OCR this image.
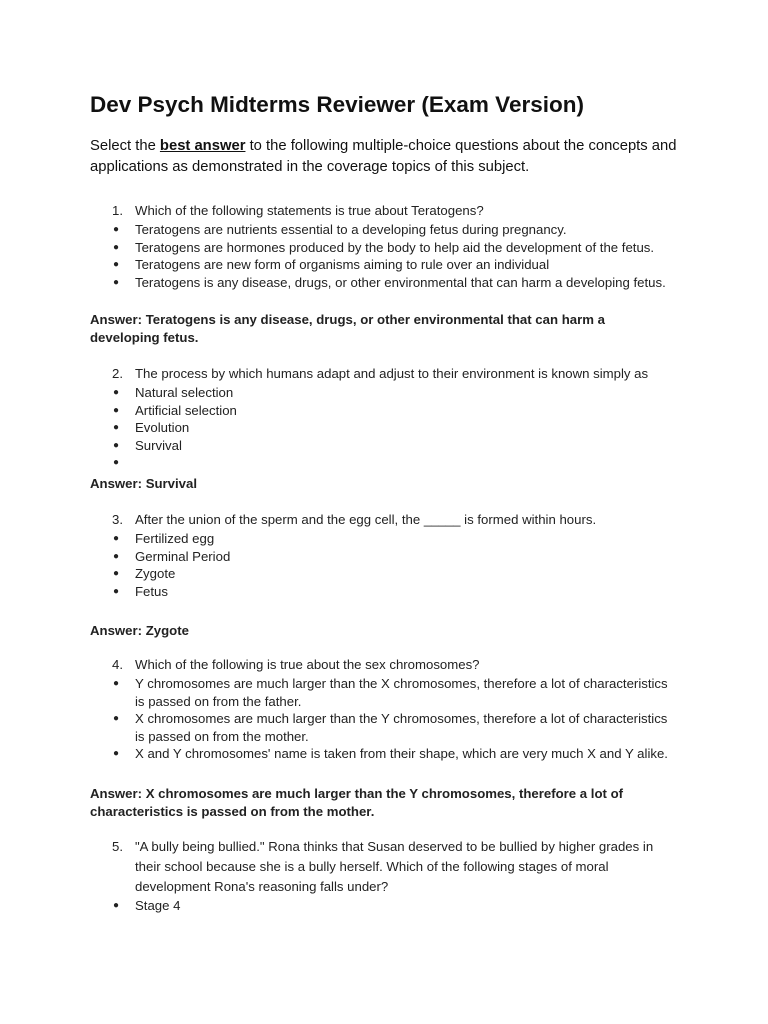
Dev Psych Midterms Reviewer (Exam Version)

Select the best answer to the following multiple-choice questions about the concepts and applications as demonstrated in the coverage topics of this subject.

1. Which of the following statements is true about Teratogens?
● Teratogens are nutrients essential to a developing fetus during pregnancy.
● Teratogens are hormones produced by the body to help aid the development of the fetus.
● Teratogens are new form of organisms aiming to rule over an individual
● Teratogens is any disease, drugs, or other environmental that can harm a developing fetus.
Answer: Teratogens is any disease, drugs, or other environmental that can harm a developing fetus.
2. The process by which humans adapt and adjust to their environment is known simply as
● Natural selection
● Artificial selection
● Evolution
● Survival
●

Answer: Survival
3. After the union of the sperm and the egg cell, the _____ is formed within hours.
● Fertilized egg
● Germinal Period
● Zygote
● Fetus
Answer: Zygote
4. Which of the following is true about the sex chromosomes?
● Y chromosomes are much larger than the X chromosomes, therefore a lot of characteristics is passed on from the father.
● X chromosomes are much larger than the Y chromosomes, therefore a lot of characteristics is passed on from the mother.
● X and Y chromosomes' name is taken from their shape, which are very much X and Y alike.
Answer: X chromosomes are much larger than the Y chromosomes, therefore a lot of characteristics is passed on from the mother.
5. "A bully being bullied." Rona thinks that Susan deserved to be bullied by higher grades in their school because she is a bully herself. Which of the following stages of moral development Rona's reasoning falls under?
● Stage 4
